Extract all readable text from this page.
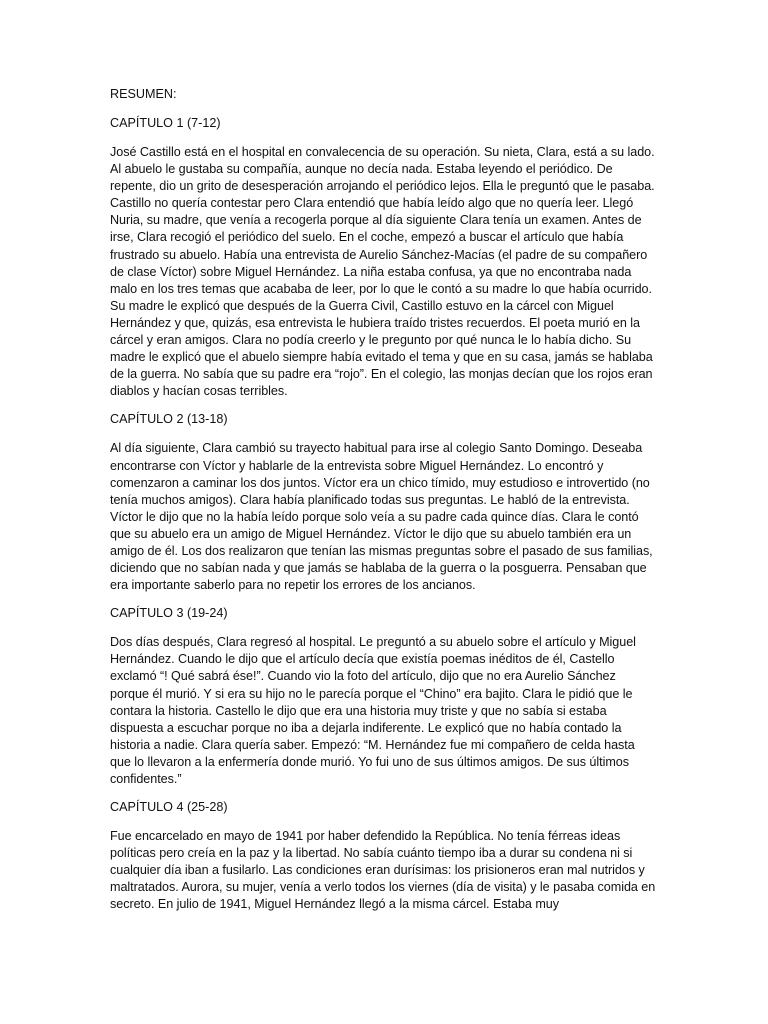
RESUMEN:

CAPÍTULO 1 (7-12)

José Castillo está en el hospital en convalecencia de su operación. Su nieta, Clara, está a su lado. Al abuelo le gustaba su compañía, aunque no decía nada. Estaba leyendo el periódico. De repente, dio un grito de desesperación arrojando el periódico lejos. Ella le preguntó que le pasaba. Castillo no quería contestar pero Clara entendió que había leído algo que no quería leer. Llegó Nuria, su madre, que venía a recogerla porque al día siguiente Clara tenía un examen. Antes de irse, Clara recogió el periódico del suelo. En el coche, empezó a buscar el artículo que había frustrado su abuelo. Había una entrevista de Aurelio Sánchez-Macías (el padre de su compañero de clase Víctor) sobre Miguel Hernández. La niña estaba confusa, ya que no encontraba nada malo en los tres temas que acababa de leer, por lo que le contó a su madre lo que había ocurrido. Su madre le explicó que después de la Guerra Civil, Castillo estuvo en la cárcel con Miguel Hernández y que, quizás, esa entrevista le hubiera traído tristes recuerdos. El poeta murió en la cárcel y eran amigos. Clara no podía creerlo y le pregunto por qué nunca le lo había dicho. Su madre le explicó que el abuelo siempre había evitado el tema y que en su casa, jamás se hablaba de la guerra. No sabía que su padre era “rojo”. En el colegio, las monjas decían que los rojos eran diablos y hacían cosas terribles.

CAPÍTULO 2 (13-18)

Al día siguiente, Clara cambió su trayecto habitual para irse al colegio Santo Domingo. Deseaba encontrarse con Víctor y hablarle de la entrevista sobre Miguel Hernández. Lo encontró y comenzaron a caminar los dos juntos. Víctor era un chico tímido, muy estudioso e introvertido (no tenía muchos amigos). Clara había planificado todas sus preguntas. Le habló de la entrevista. Víctor le dijo que no la había leído porque solo veía a su padre cada quince días. Clara le contó que su abuelo era un amigo de Miguel Hernández. Víctor le dijo que su abuelo también era un amigo de él. Los dos realizaron que tenían las mismas preguntas sobre el pasado de sus familias, diciendo que no sabían nada y que jamás se hablaba de la guerra o la posguerra. Pensaban que era importante saberlo para no repetir los errores de los ancianos.

CAPÍTULO 3 (19-24)

Dos días después, Clara regresó al hospital. Le preguntó a su abuelo sobre el artículo y Miguel Hernández. Cuando le dijo que el artículo decía que existía poemas inéditos de él, Castello exclamó “! Qué sabrá ése!”. Cuando vio la foto del artículo, dijo que no era Aurelio Sánchez porque él murió. Y si era su hijo no le parecía porque el “Chino” era bajito. Clara le pidió que le contara la historia. Castello le dijo que era una historia muy triste y que no sabía si estaba dispuesta a escuchar porque no iba a dejarla indiferente. Le explicó que no había contado la historia a nadie. Clara quería saber. Empezó: “M. Hernández fue mi compañero de celda hasta que lo llevaron a la enfermería donde murió. Yo fui uno de sus últimos amigos. De sus últimos confidentes.”

CAPÍTULO 4 (25-28)

Fue encarcelado en mayo de 1941 por haber defendido la República. No tenía férreas ideas políticas pero creía en la paz y la libertad. No sabía cuánto tiempo iba a durar su condena ni si cualquier día iban a fusilarlo. Las condiciones eran durísimas: los prisioneros eran mal nutridos y maltratados. Aurora, su mujer, venía a verlo todos los viernes (día de visita) y le pasaba comida en secreto. En julio de 1941, Miguel Hernández llegó a la misma cárcel. Estaba muy
